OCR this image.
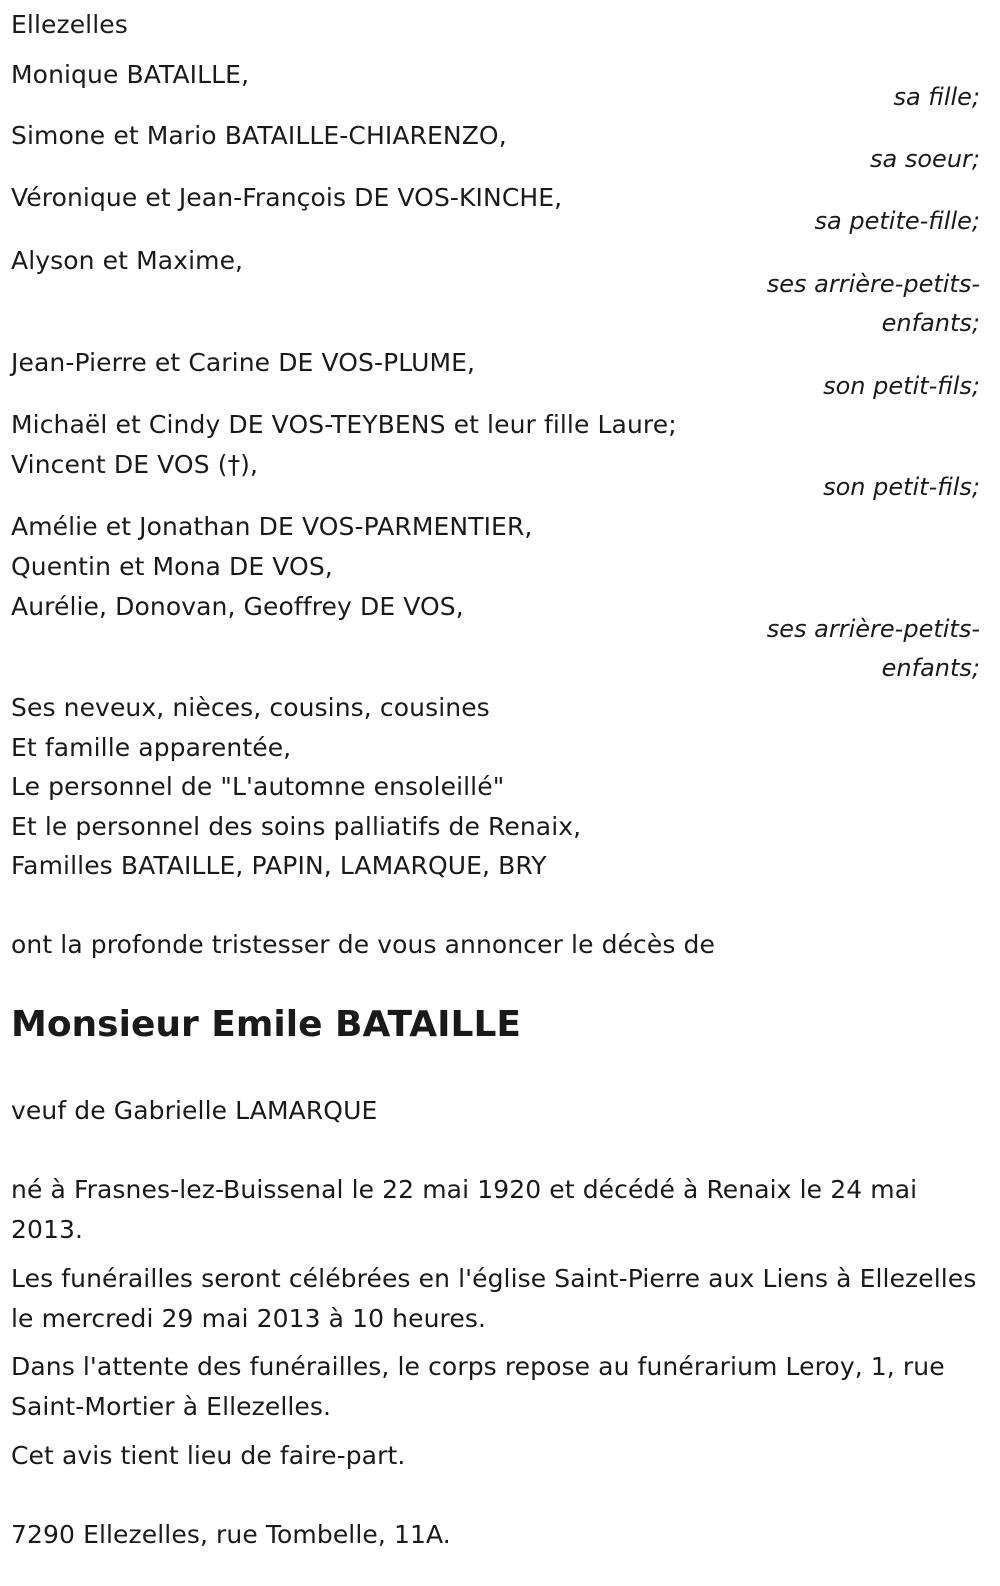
Ellezelles
Monique BATAILLE,
sa fille;
Simone et Mario BATAILLE-CHIARENZO,
sa soeur;
Véronique et Jean-François DE VOS-KINCHE,
sa petite-fille;
Alyson et Maxime,
ses arrière-petits-
enfants;
Jean-Pierre et Carine DE VOS-PLUME,
son petit-fils;
Michaël et Cindy DE VOS-TEYBENS et leur fille Laure;
Vincent DE VOS (†),
son petit-fils;
Amélie et Jonathan DE VOS-PARMENTIER,
Quentin et Mona DE VOS,
Aurélie, Donovan, Geoffrey DE VOS,
ses arrière-petits-
enfants;
Ses neveux, nièces, cousins, cousines
Et famille apparentée,
Le personnel de "L'automne ensoleillé"
Et le personnel des soins palliatifs de Renaix,
Familles BATAILLE, PAPIN, LAMARQUE, BRY
ont la profonde tristesser de vous annoncer le décès de
Monsieur Emile BATAILLE
veuf de Gabrielle LAMARQUE
né à Frasnes-lez-Buissenal le 22 mai 1920 et décédé à Renaix le 24 mai 2013.
Les funérailles seront célébrées en l'église Saint-Pierre aux Liens à Ellezelles le mercredi 29 mai 2013 à 10 heures.
Dans l'attente des funérailles, le corps repose au funérarium Leroy, 1, rue Saint-Mortier à Ellezelles.
Cet avis tient lieu de faire-part.
7290 Ellezelles, rue Tombelle, 11A.
